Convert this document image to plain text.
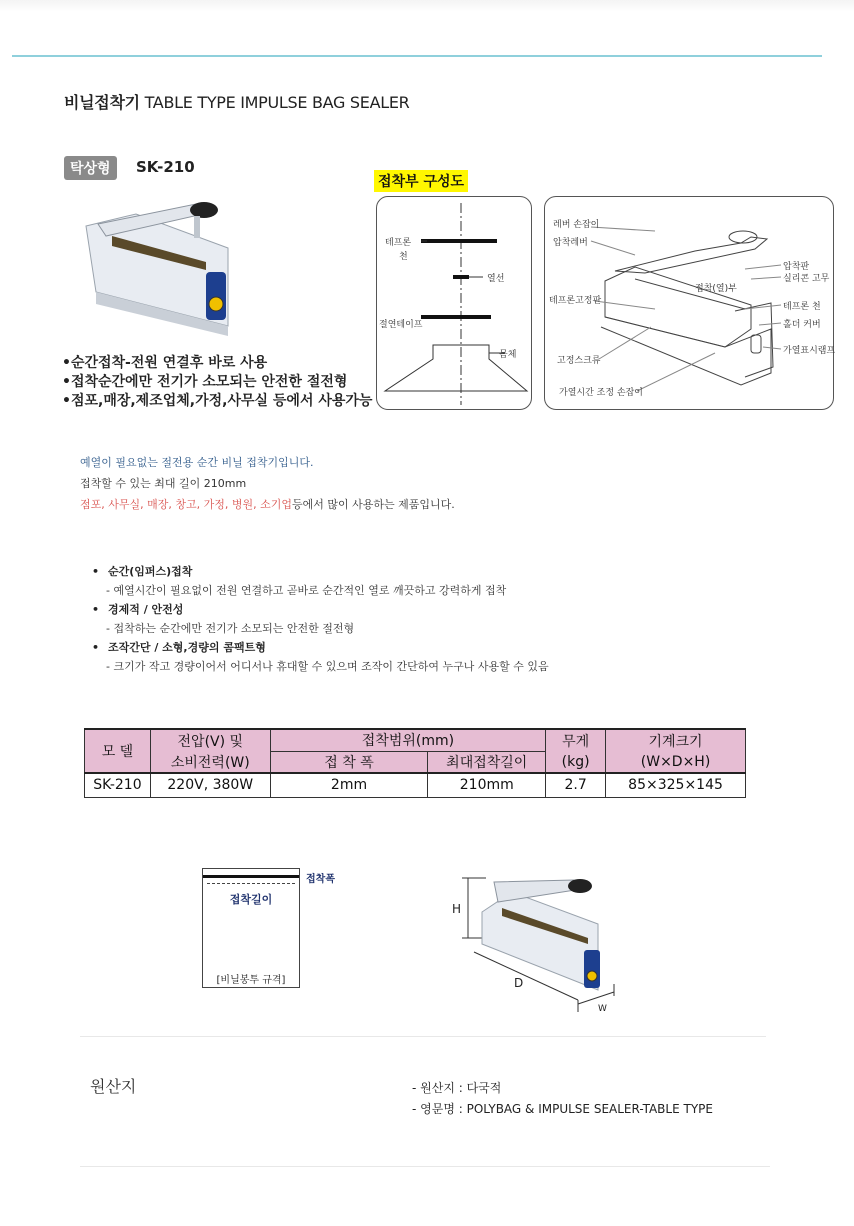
비닐접착기 TABLE TYPE IMPULSE BAG SEALER
탁상형	SK-210
•순간접착-전원 연결후 바로 사용
•접착순간에만 전기가 소모되는 안전한 절전형
•점포,매장,제조업체,가정,사무실 등에서 사용가능
접착부 구성도
테프론
천
열선
절연테이프
몸체
레버 손잡이
압착레버
압착판
실리콘 고무
접착(열)부
테프론고정판
테프론 천
홀더 커버
가열표시램프
고정스크류
가열시간 조정 손잡이
예열이 필요없는 절전용 순간 비닐 접착기입니다.
접착할 수 있는 최대 길이 210mm
점포, 사무실, 매장, 창고, 가정, 병원, 소기업등에서 많이 사용하는 제품입니다.
• 순간(임퍼스)접착
- 예열시간이 필요없이 전원 연결하고 곧바로 순간적인 열로 깨끗하고 강력하게 접착
• 경제적 / 안전성
- 접착하는 순간에만 전기가 소모되는 안전한 절전형
• 조작간단 / 소형,경량의 콤팩트형
- 크기가 작고 경량이어서 어디서나 휴대할 수 있으며 조작이 간단하여 누구나 사용할 수 있음
모 델	전압(V) 및	접착범위(mm)		무게	기계크기
	소비전력(W)	접 착 폭	최대접착길이	(kg)	(W×D×H)
SK-210	220V, 380W	2mm	210mm	2.7	85×325×145
접착길이
[비닐봉투 규격]
접착폭
H
D
W
원산지	- 원산지 : 다국적
- 영문명 : POLYBAG & IMPULSE SEALER-TABLE TYPE
